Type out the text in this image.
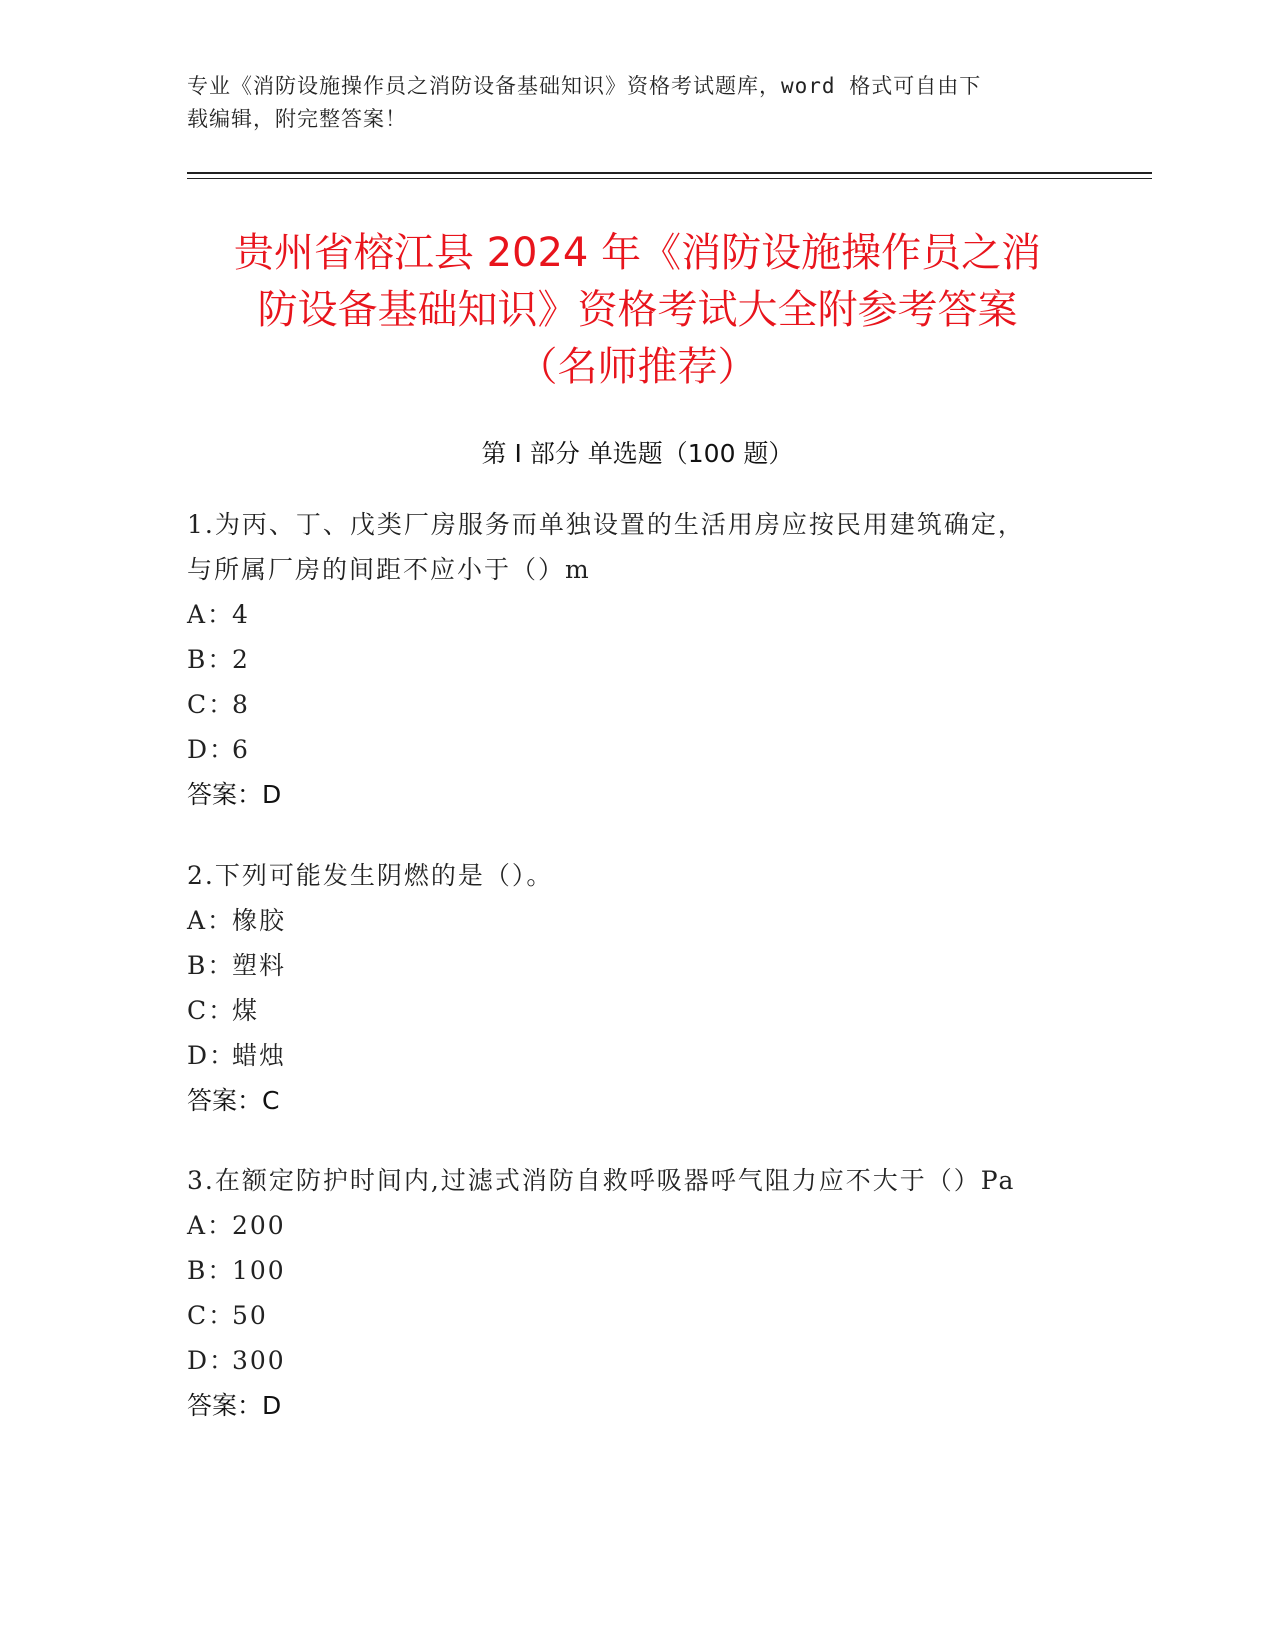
专业《消防设施操作员之消防设备基础知识》资格考试题库，word 格式可自由下
载编辑，附完整答案！
贵州省榕江县 2024 年《消防设施操作员之消
防设备基础知识》资格考试大全附参考答案
（名师推荐）
第 I 部分 单选题（100 题）
1.为丙、丁、戊类厂房服务而单独设置的生活用房应按民用建筑确定，
与所属厂房的间距不应小于（）m
A：
4
B：
2
C：
8
D：
6
答案：D
2.下列可能发生阴燃的是（）。
A：
橡胶
B：
塑料
C：
煤
D：
蜡烛
答案：C
3.在额定防护时间内,过滤式消防自救呼吸器呼气阻力应不大于（）Pa
A：
200
B：
100
C：
50
D：
300
答案：D
